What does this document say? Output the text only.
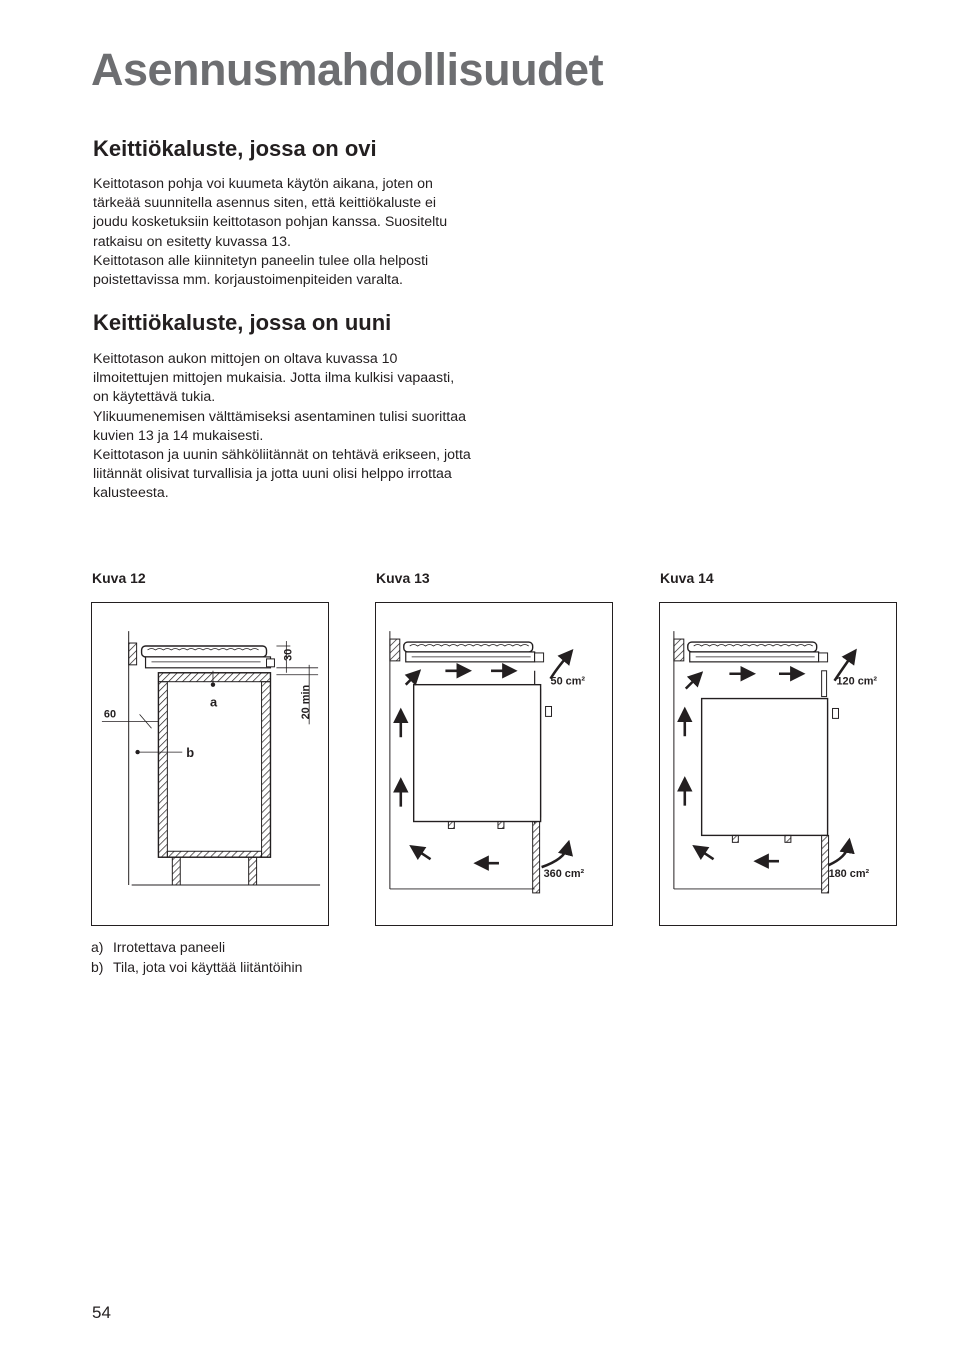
Asennusmahdollisuudet
Keittiökaluste, jossa on ovi

Keittotason pohja voi kuumeta käytön aikana, joten on tärkeää suunnitella asennus siten, että keittiökaluste ei joudu kosketuksiin keittotason pohjan kanssa. Suositeltu ratkaisu on esitetty kuvassa 13.

Keittotason alle kiinnitetyn paneelin tulee olla helposti poistettavissa mm. korjaustoimenpiteiden varalta.

Keittiökaluste, jossa on uuni

Keittotason aukon mittojen on oltava kuvassa 10 ilmoitettujen mittojen mukaisia. Jotta ilma kulkisi vapaasti, on käytettävä tukia.

Ylikuumenemisen välttämiseksi asentaminen tulisi suorittaa kuvien 13 ja 14 mukaisesti.

Keittotason ja uunin sähköliitännät on tehtävä erikseen, jotta liitännät olisivat turvallisia ja jotta uuni olisi helppo irrottaa kalusteesta.

Kuva 12	Kuva 13	Kuva 14
30
20 min
60
a
b
50 cm²
360 cm²
120 cm²
180 cm²
a) Irrotettava paneeli
b) Tila, jota voi käyttää liitäntöihin
54
